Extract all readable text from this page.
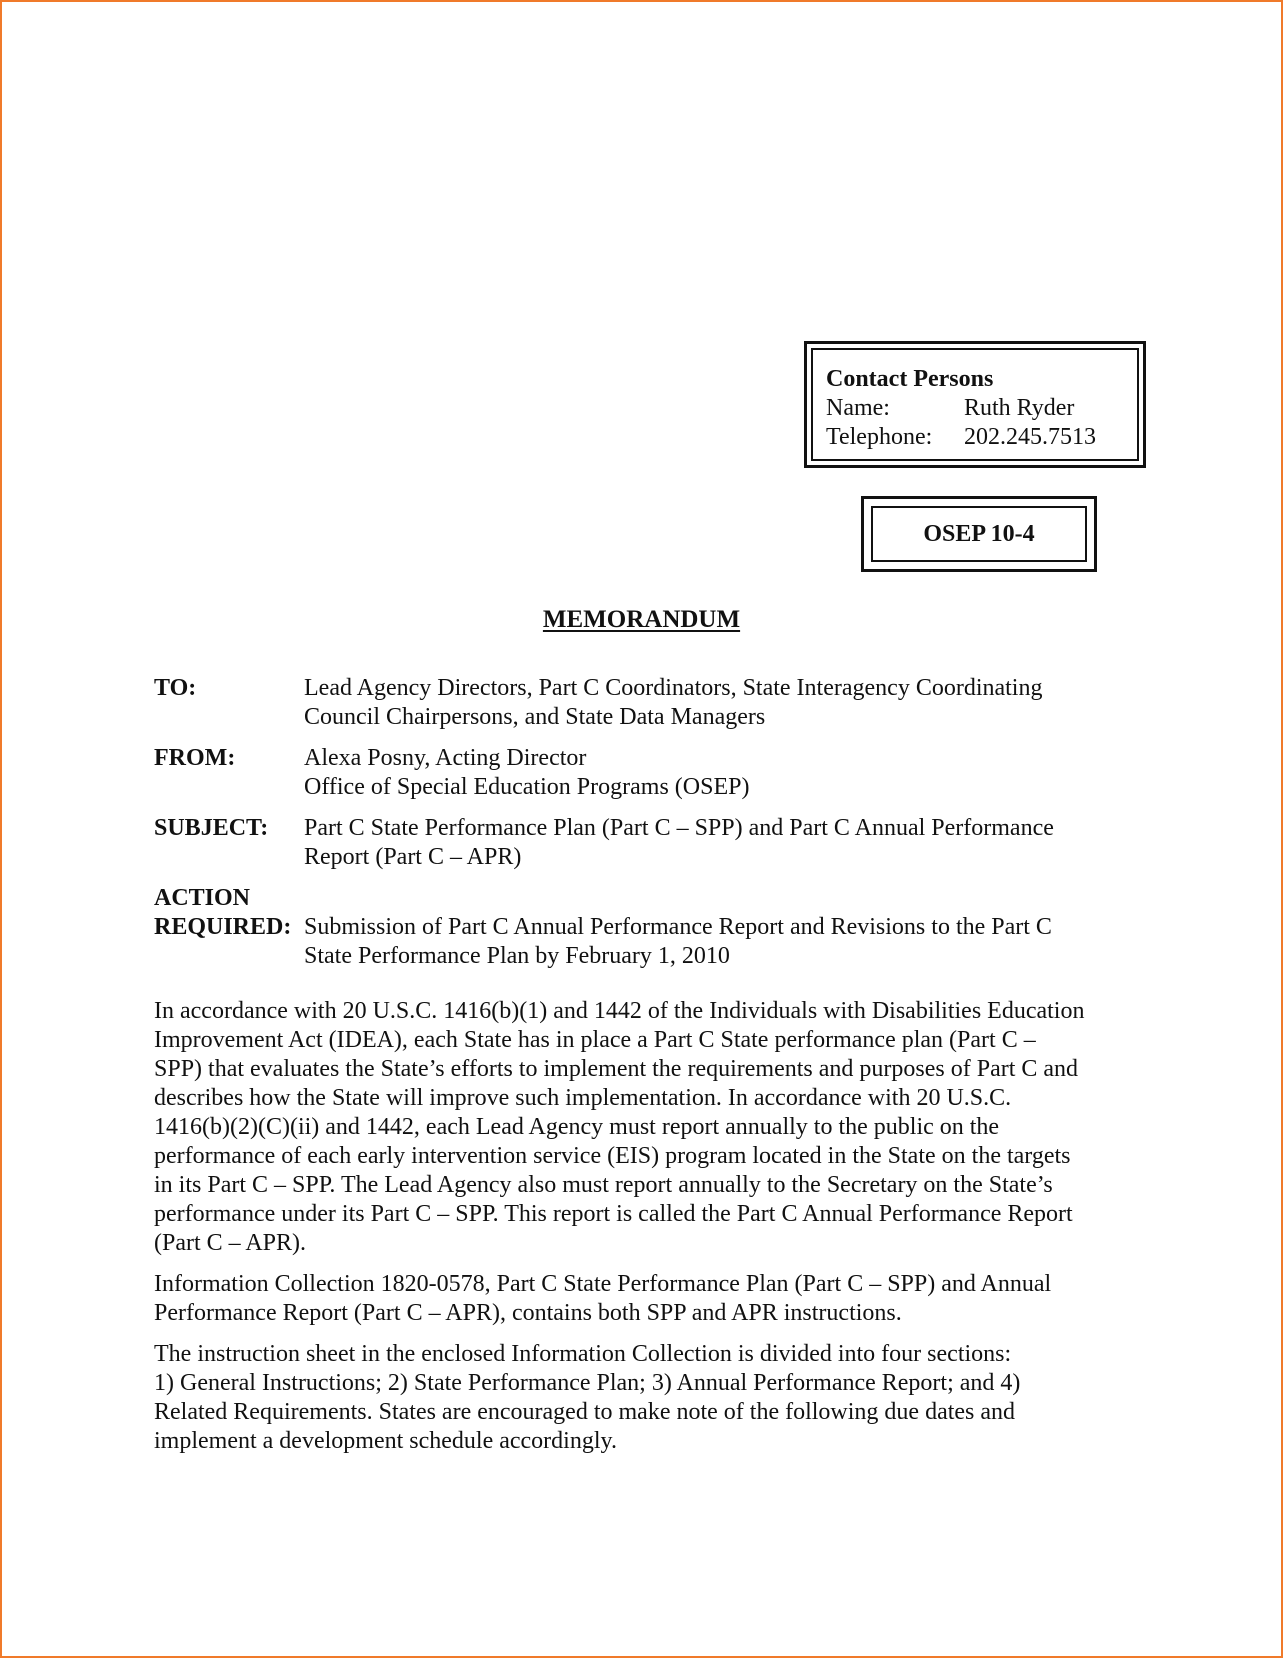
Contact Persons
Name:	Ruth Ryder
Telephone:	202.245.7513
OSEP 10-4
MEMORANDUM
TO:	Lead Agency Directors, Part C Coordinators, State Interagency Coordinating
Council Chairpersons, and State Data Managers
FROM:	Alexa Posny, Acting Director
Office of Special Education Programs (OSEP)
SUBJECT:	Part C State Performance Plan (Part C – SPP) and Part C Annual Performance
Report (Part C – APR)
ACTION
REQUIRED: Submission of Part C Annual Performance Report and Revisions to the Part C
State Performance Plan by February 1, 2010
In accordance with 20 U.S.C. 1416(b)(1) and 1442 of the Individuals with Disabilities Education
Improvement Act (IDEA), each State has in place a Part C State performance plan (Part C –
SPP) that evaluates the State’s efforts to implement the requirements and purposes of Part C and
describes how the State will improve such implementation. In accordance with 20 U.S.C.
1416(b)(2)(C)(ii) and 1442, each Lead Agency must report annually to the public on the
performance of each early intervention service (EIS) program located in the State on the targets
in its Part C – SPP. The Lead Agency also must report annually to the Secretary on the State’s
performance under its Part C – SPP. This report is called the Part C Annual Performance Report
(Part C – APR).
Information Collection 1820-0578, Part C State Performance Plan (Part C – SPP) and Annual
Performance Report (Part C – APR), contains both SPP and APR instructions.
The instruction sheet in the enclosed Information Collection is divided into four sections:
1) General Instructions; 2) State Performance Plan; 3) Annual Performance Report; and 4)
Related Requirements. States are encouraged to make note of the following due dates and
implement a development schedule accordingly.
